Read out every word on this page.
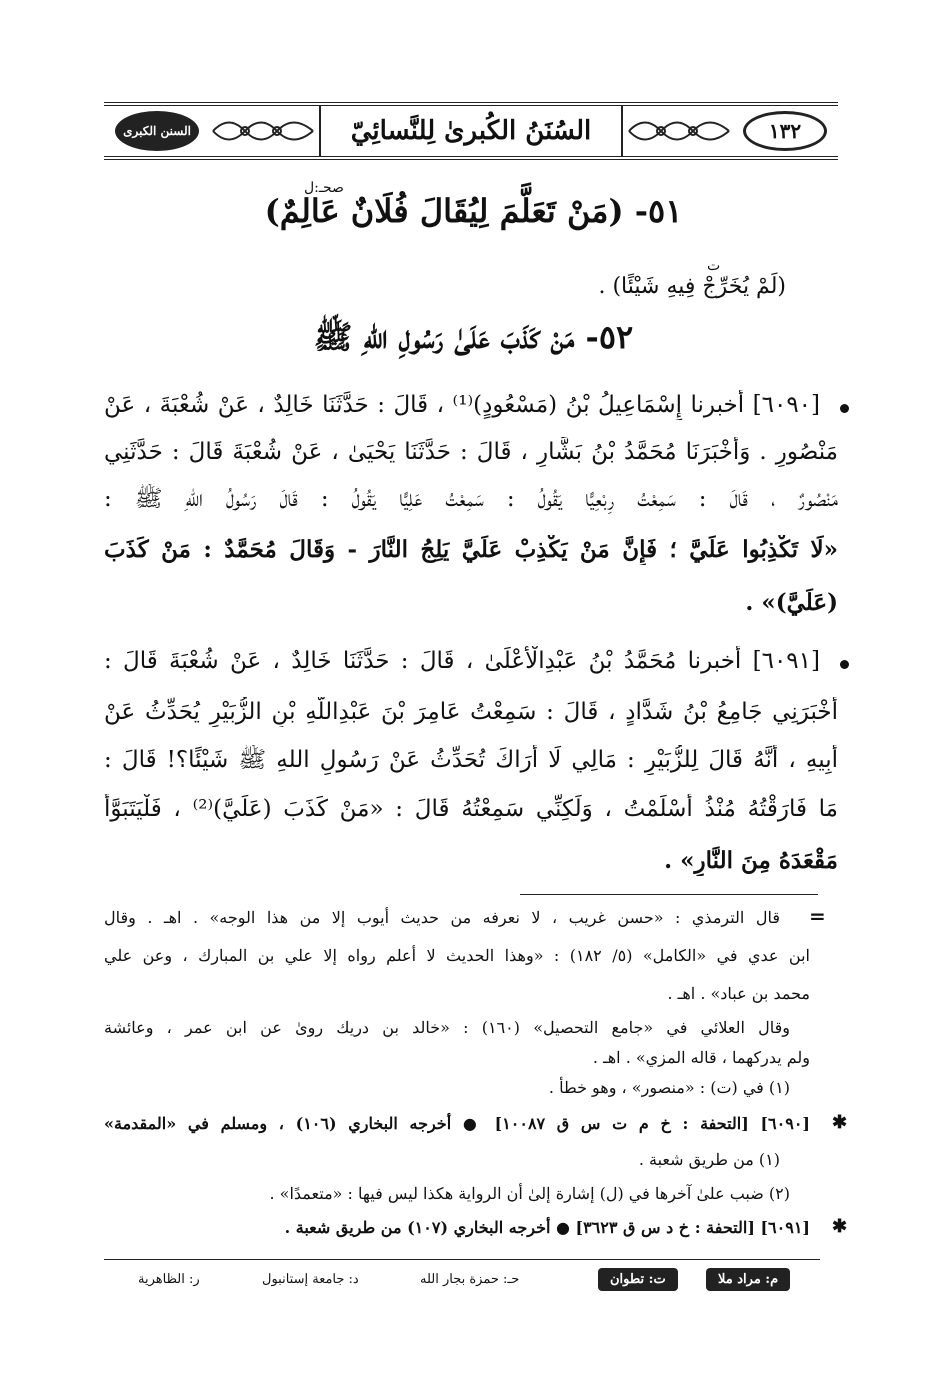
السنن الكبرى	السُنَنُ الكُبرىٰ لِلنَّسائِيّ	١٣٢
صحـ:ل
٥١- (مَنْ تَعَلَّمَ لِيُقَالَ فُلَانٌ عَالِمٌ)
(لَمْ يُخَرِّجْ فِيهِ شَيْئًا) .
ت
٥٢- مَنْ كَذَبَ عَلَىٰ رَسُولِ اللهِ ﷺ
[٦٠٩٠] أَخبرنا إِسْمَاعِيلُ بْنُ (مَسْعُودٍ)⁽¹⁾ ، قَالَ : حَدَّثَنَا خَالِدٌ ، عَنْ شُعْبَةَ ، عَنْ
مَنْصُورٍ . وَأَخْبَرَنَا مُحَمَّدُ بْنُ بَشَّارٍ ، قَالَ : حَدَّثَنَا يَحْيَىٰ ، عَنْ شُعْبَةَ قَالَ : حَدَّثَنِي
مَنْصُورٌ ، قَالَ : سَمِعْتُ رِبْعِيًّا يَقُولُ : سَمِعْتُ عَلِيًّا يَقُولُ : قَالَ رَسُولُ اللهِ ﷺ :
«لَا تَكْذِبُوا عَلَيَّ ؛ فَإِنَّ مَنْ يَكْذِبْ عَلَيَّ يَلِجُ النَّارَ - وَقَالَ مُحَمَّدٌ : مَنْ كَذَبَ
(عَلَيَّ)» .
[٦٠٩١] أَخبرنا مُحَمَّدُ بْنُ عَبْدِالْأَعْلَىٰ ، قَالَ : حَدَّثَنَا خَالِدٌ ، عَنْ شُعْبَةَ قَالَ :
أَخْبَرَنِي جَامِعُ بْنُ شَدَّادٍ ، قَالَ : سَمِعْتُ عَامِرَ بْنَ عَبْدِاللَّهِ بْنِ الزُّبَيْرِ يُحَدِّثُ عَنْ
أَبِيهِ ، أَنَّهُ قَالَ لِلزُّبَيْرِ : مَالِي لَا أَرَاكَ تُحَدِّثُ عَنْ رَسُولِ اللهِ ﷺ شَيْئًا؟! قَالَ :
مَا فَارَقْتُهُ مُنْذُ أَسْلَمْتُ ، وَلَكِنِّي سَمِعْتُهُ قَالَ : «مَنْ كَذَبَ (عَلَيَّ)⁽²⁾ ، فَلْيَتَبَوَّأْ
مَقْعَدَهُ مِنَ النَّارِ» .
=
قال الترمذي : «حسن غريب ، لا نعرفه من حديث أيوب إلا من هذا الوجه» . اهـ . وقال
ابن عدي في «الكامل» (٥/ ١٨٢) : «وهذا الحديث لا أعلم رواه إلا علي بن المبارك ، وعن علي
محمد بن عباد» . اهـ .
وقال العلائي في «جامع التحصيل» (١٦٠) : «خالد بن دريك روىٰ عن ابن عمر ، وعائشة
ولم يدركهما ، قاله المزي» . اهـ .
(١) في (ت) : «منصور» ، وهو خطأ .
✱
[٦٠٩٠] [التحفة : خ م ت س ق ١٠٠٨٧] ● أخرجه البخاري (١٠٦) ، ومسلم في «المقدمة»
(١) من طريق شعبة .
(٢) ضبب علىٰ آخرها في (ل) إشارة إلىٰ أن الرواية هكذا ليس فيها : «متعمدًا» .
✱
[٦٠٩١] [التحفة : خ د س ق ٣٦٢٣] ● أخرجه البخاري (١٠٧) من طريق شعبة .
م: مراد ملا
ت: تطوان
حـ: حمزة بجار الله
د: جامعة إستانبول
ر: الظاهرية
